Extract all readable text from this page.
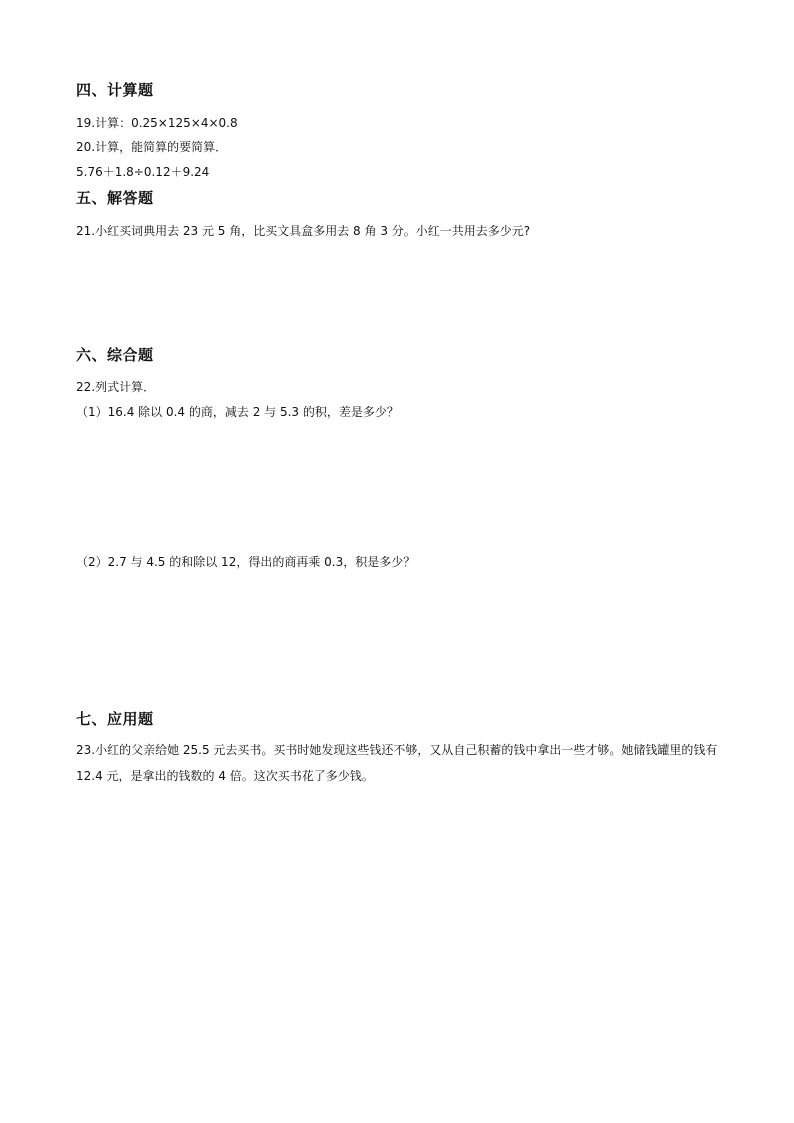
四、计算题
19.计算：0.25×125×4×0.8
20.计算，能简算的要简算．
5.76＋1.8÷0.12＋9.24
五、解答题
21.小红买词典用去 23 元 5 角，比买文具盒多用去 8 角 3 分。小红一共用去多少元?
六、综合题
22.列式计算．
（1）16.4 除以 0.4 的商，减去 2 与 5.3 的积，差是多少？
（2）2.7 与 4.5 的和除以 12，得出的商再乘 0.3，积是多少？
七、应用题
23.小红的父亲给她 25.5 元去买书。买书时她发现这些钱还不够，又从自己积蓄的钱中拿出一些才够。她储钱罐里的钱有 12.4 元，是拿出的钱数的 4 倍。这次买书花了多少钱。
